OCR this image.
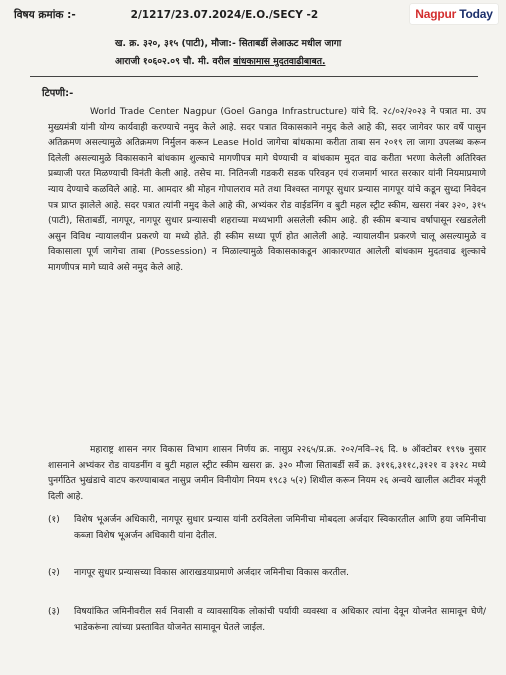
Nagpur Today
विषय क्रमांक :-	2/1217/23.07.2024/E.O./SECY -2
ख. क्र. ३२०, ३१५ (पाटी), मौजा:- सिताबर्डी लेआऊट मधील जागा
आराजी १०६०२.०९ चौ. मी. वरील बांधकामास मुदतवाढीबाबत.
टिपणी:-

World Trade Center Nagpur (Goel Ganga Infrastructure) यांचे दि. २८/०२/२०२३ ने पत्रात मा. उप मुख्यमंत्री यांनी योग्य कार्यवाही करण्याचे नमुद केले आहे. सदर पत्रात विकासकाने नमुद केले आहे की, सदर जागेवर फार वर्षे पासुन अतिक्रमण असल्यामुळे अतिक्रमण निर्मुलन करून Lease Hold जागेचा बांधकामा करीता ताबा सन २०१९ ला जागा उपलब्ध करून दिलेली असल्यामुळे विकासकाने बांधकाम शुल्काचे मागणीपत्र मागे घेण्याची व बांधकाम मुदत वाढ करीता भरणा केलेली अतिरिक्त प्रब्याजी परत मिळण्याची विनंती केली आहे. तसेच मा. नितिनजी गडकरी सडक परिवहन एवं राजमार्ग भारत सरकार यांनी नियमाप्रमाणे न्याय देण्याचे कळविले आहे. मा. आमदार श्री मोहन गोपालराव मते तथा विश्वस्त नागपूर सुधार प्रन्यास नागपूर यांचे कडून सुध्दा निवेदन पत्र प्राप्त झालेले आहे. सदर पत्रात त्यांनी नमुद केले आहे की, अभ्यंकर रोड वाईडनिंग व बुटी महल स्ट्रीट स्कीम, खसरा नंबर ३२०, ३१५ (पाटी), सिताबर्डी, नागपूर, नागपूर सुधार प्रन्यासची शहराच्या मध्यभागी असलेली स्कीम आहे. ही स्कीम बऱ्याच वर्षापासून रखडलेली असुन विविध न्यायालयीन प्रकरणे या मध्ये होते. ही स्कीम सध्या पूर्ण होत आलेली आहे. न्यायालयीन प्रकरणे चालू असल्यामुळे व विकासाला पूर्ण जागेचा ताबा (Possession) न मिळाल्यामुळे विकासकाकडून आकारण्यात आलेली बांधकाम मुदतवाढ शुल्काचे मागणीपत्र मागे घ्यावे असे नमुद केले आहे.

महाराष्ट्र शासन नगर विकास विभाग शासन निर्णय क्र. नासुप्र २२६५/प्र.क्र. २०२/नवि–२६ दि. ७ ऑक्टोबर १९९७ नुसार शासनाने अभ्यंकर रोड वायडनींग व बुटी महाल स्ट्रीट स्कीम खसरा क्र. ३२० मौजा सिताबर्डी सर्वे क्र. ३११६,३११८,३१२१ व ३१२८ मध्ये पुनर्गठित भुखंडाचे वाटप करण्याबाबत नासुप्र जमीन विनीयोग नियम १९८३ ५(२) शिथील करून नियम २६ अन्वये खालील अटीवर मंजूरी दिली आहे.

(१)	विशेष भूअर्जन अधिकारी, नागपूर सुधार प्रन्यास यांनी ठरविलेला जमिनीचा मोबदला अर्जदार स्विकारतील आणि हया जमिनीचा कब्जा विशेष भूअर्जन अधिकारी यांना देतील.
(२)	नागपूर सुधार प्रन्यासच्या विकास आराखडयाप्रमाणे अर्जदार जमिनीचा विकास करतील.
(३)	विषयांकित जमिनीवरील सर्व निवासी व व्यावसायिक लोकांची पर्यायी व्यवस्था व अधिकार त्यांना देवून योजनेत सामावून घेणे/भाडेकरूंना त्यांच्या प्रस्तावित योजनेत सामावून घेतले जाईल.
